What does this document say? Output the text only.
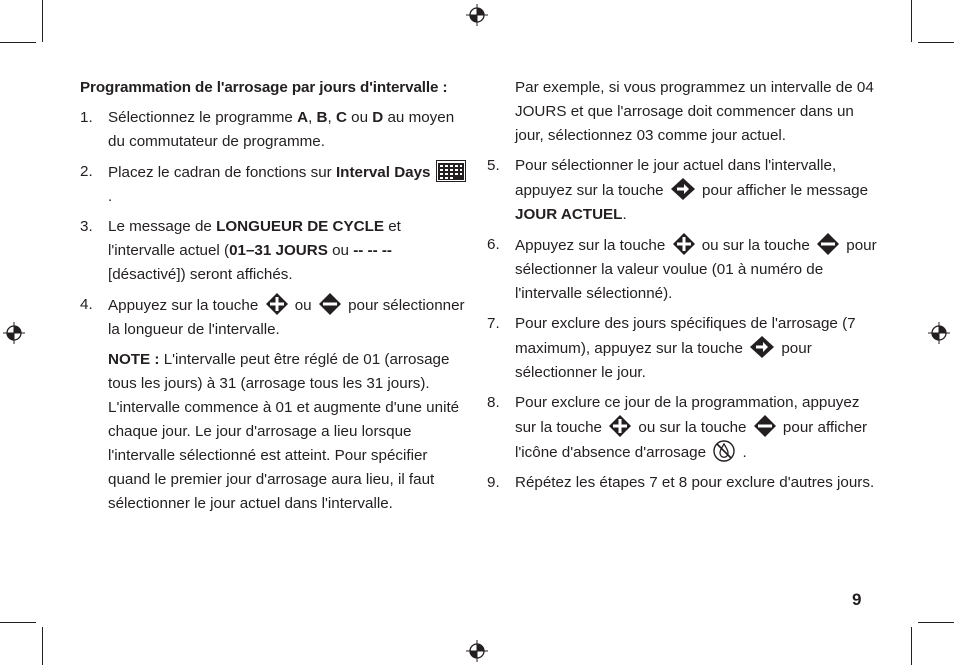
Programmation de l'arrosage par jours d'intervalle :
1. Sélectionnez le programme A, B, C ou D au moyen du commutateur de programme.
2. Placez le cadran de fonctions sur Interval Days  .
3. Le message de LONGUEUR DE CYCLE et l'intervalle actuel (01–31 JOURS ou -- -- -- [désactivé]) seront affichés.
4. Appuyez sur la touche  ou  pour sélectionner la longueur de l'intervalle.
NOTE : L'intervalle peut être réglé de 01 (arrosage tous les jours) à 31 (arrosage tous les 31 jours). L'intervalle commence à 01 et augmente d'une unité chaque jour. Le jour d'arrosage a lieu lorsque l'intervalle sélectionné est atteint. Pour spécifier quand le premier jour d'arrosage aura lieu, il faut sélectionner le jour actuel dans l'intervalle.
Par exemple, si vous programmez un intervalle de 04 JOURS et que l'arrosage doit commencer dans un jour, sélectionnez 03 comme jour actuel.
5. Pour sélectionner le jour actuel dans l'intervalle, appuyez sur la touche  pour afficher le message JOUR ACTUEL.
6. Appuyez sur la touche  ou sur la touche  pour sélectionner la valeur voulue (01 à numéro de l'intervalle sélectionné).
7. Pour exclure des jours spécifiques de l'arrosage (7 maximum), appuyez sur la touche  pour sélectionner le jour.
8. Pour exclure ce jour de la programmation, appuyez sur la touche  ou sur la touche  pour afficher l'icône d'absence d'arrosage  .
9. Répétez les étapes 7 et 8 pour exclure d'autres jours.
9
